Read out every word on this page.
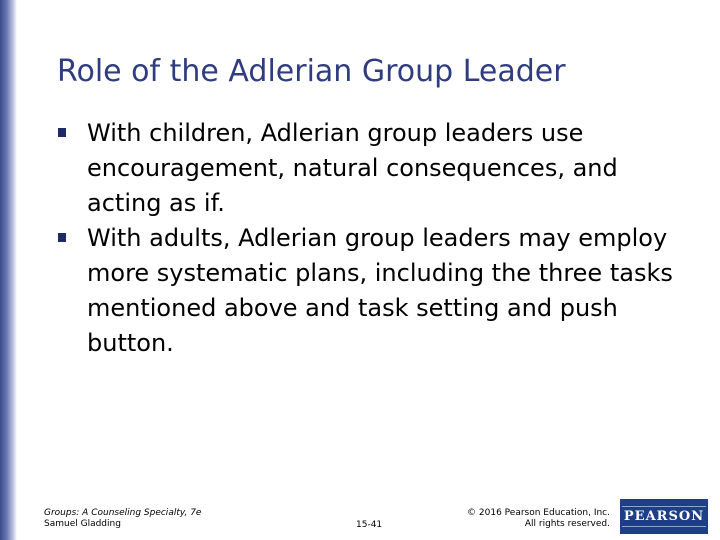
Role of the Adlerian Group Leader
With children, Adlerian group leaders use encouragement, natural consequences, and acting as if.
With adults, Adlerian group leaders may employ more systematic plans, including the three tasks mentioned above and task setting and push button.
Groups: A Counseling Specialty, 7e
Samuel Gladding	15-41
© 2016 Pearson Education, Inc.
All rights reserved. PEARSON
